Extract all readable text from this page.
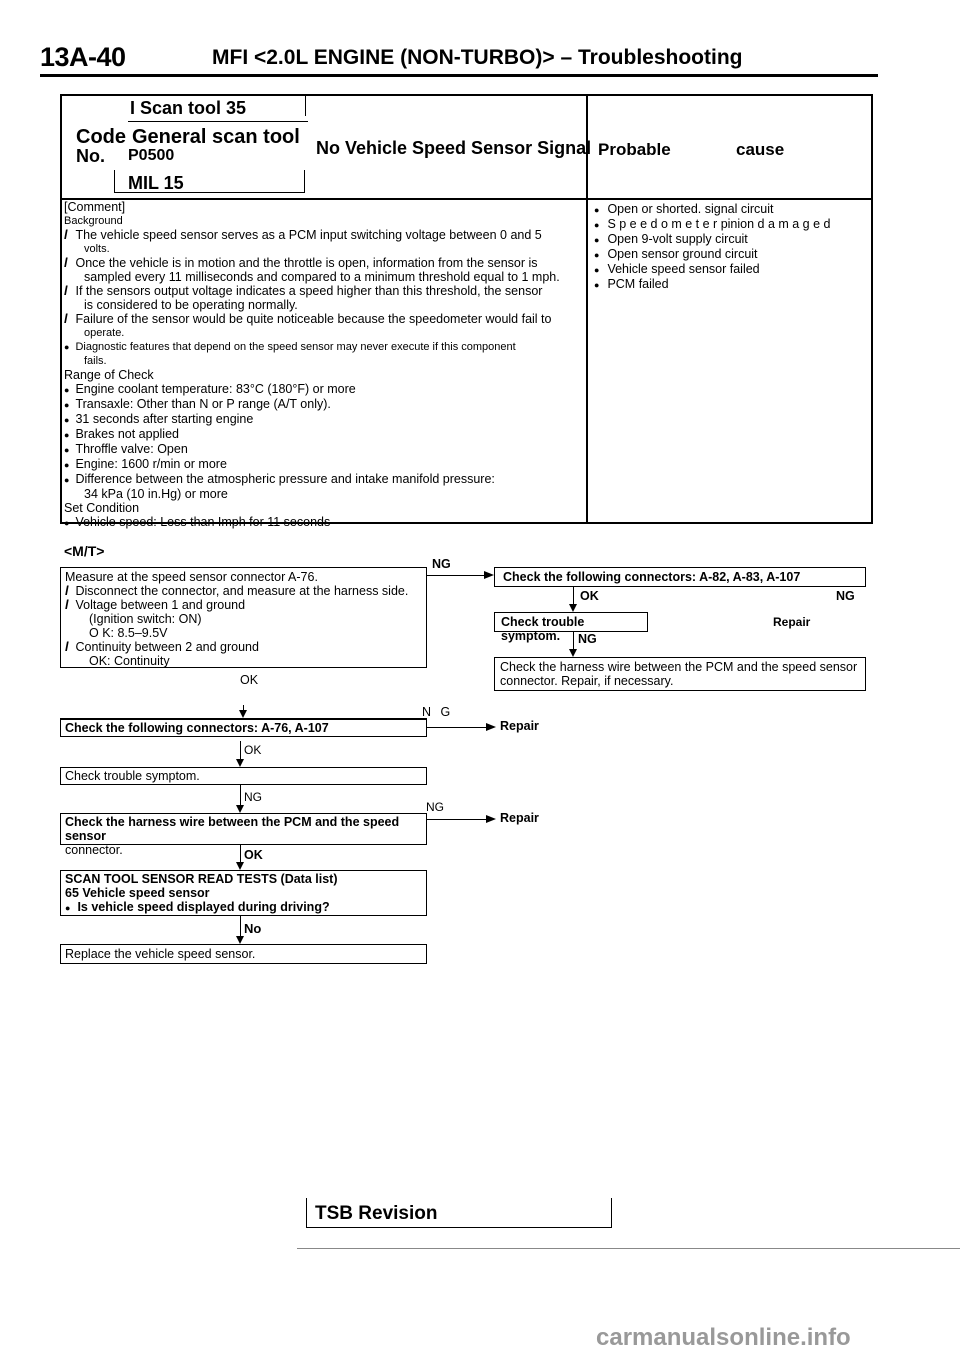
13A-40	MFI <2.0L ENGINE (NON-TURBO)> – Troubleshooting
I Scan tool 35
Code General scan tool
No. P0500	No Vehicle Speed Sensor Signal
MIL 15
Probable	cause
[Comment]
Background
l The vehicle speed sensor serves as a PCM input switching voltage between 0 and 5
volts.
l Once the vehicle is in motion and the throttle is open, information from the sensor is
sampled every 11 milliseconds and compared to a minimum threshold equal to 1 mph.
l If the sensors output voltage indicates a speed higher than this threshold, the sensor
is considered to be operating normally.
l Failure of the sensor would be quite noticeable because the speedometer would fail to
operate.
● Diagnostic features that depend on the speed sensor may never execute if this component
fails.
Range of Check
● Engine coolant temperature: 83°C (180°F) or more
● Transaxle: Other than N or P range (A/T only).
● 31 seconds after starting engine
● Brakes not applied
● Throffle valve: Open
● Engine: 1600 r/min or more
● Difference between the atmospheric pressure and intake manifold pressure:
34 kPa (10 in.Hg) or more
Set Condition
● Vehicle speed: Less than Imph for 11 seconds
● Open or shorted. signal circuit
● S p e e d o m e t e r pinion d a m a g e d
● Open 9-volt supply circuit
● Open sensor ground circuit
● Vehicle speed sensor failed
● PCM failed
<M/T>
Measure at the speed sensor connector A-76.
l Disconnect the connector, and measure at the harness side.
l Voltage between 1 and ground
(Ignition switch: ON)
O K: 8.5–9.5V
l Continuity between 2 and ground
OK: Continuity
OK
NG
Check the following connectors: A-82, A-83, A-107
OK	NG
Check trouble symptom.
Repair
NG
Check the harness wire between the PCM and the speed sensor connector. Repair, if necessary.
Check the following connectors: A-76, A-107
N G
Repair
OK
Check trouble symptom.
NG
Check the harness wire between the PCM and the speed sensor
connector.
NG
Repair
OK
SCAN TOOL SENSOR READ TESTS (Data list)
65 Vehicle speed sensor
● Is vehicle speed displayed during driving?
No
Replace the vehicle speed sensor.
TSB Revision
carmanualsonline.info
